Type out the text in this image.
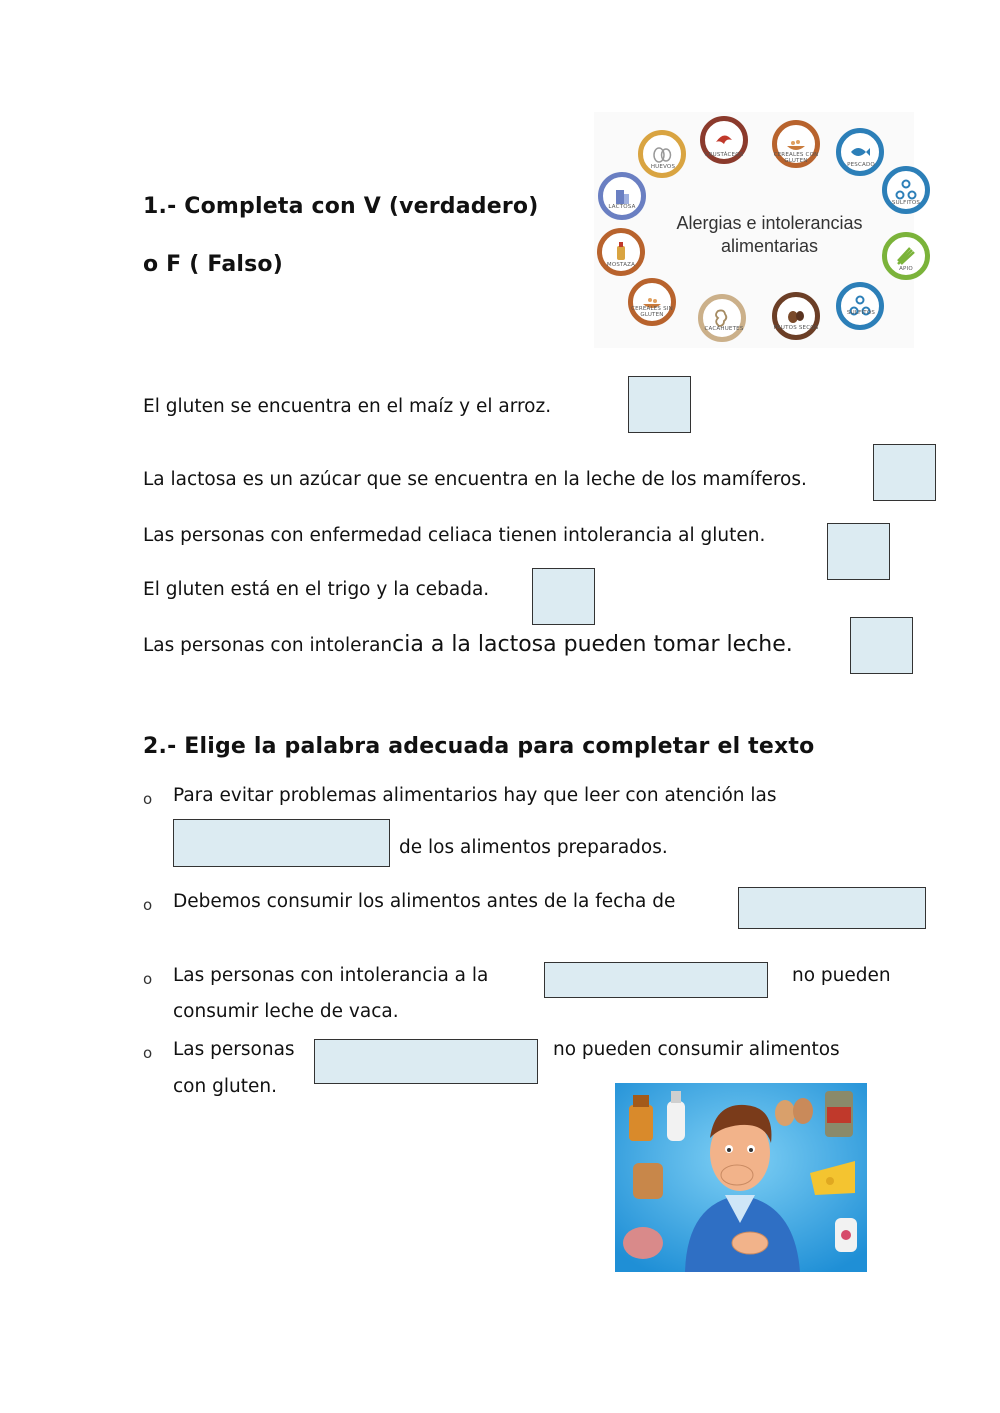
1.- Completa con V (verdadero)
o F ( Falso)
Alergias e intolerancias
alimentarias
HUEVOS
CRUSTÁCEOS	CEREALES CON GLUTEN
PESCADO
SULFITOS
APIO
SULFITOS
FRUTOS SECOS
CACAHUETES
CEREALES SIN GLUTEN
MOSTAZA
LACTOSA
El gluten se encuentra en el maíz y el arroz.
La lactosa es un azúcar que se encuentra en la leche de los mamíferos.
Las personas con enfermedad celiaca tienen intolerancia al gluten.
El gluten está en el trigo y la cebada.
Las personas con intolerancia a la lactosa pueden tomar leche.
2.- Elige la palabra adecuada para completar el texto
o Para evitar problemas alimentarios hay que leer con atención las
de los alimentos preparados.
o Debemos consumir los alimentos antes de la fecha de
o Las personas con intolerancia a la	no pueden
consumir leche de vaca.
o Las personas	no pueden consumir alimentos
con gluten.
